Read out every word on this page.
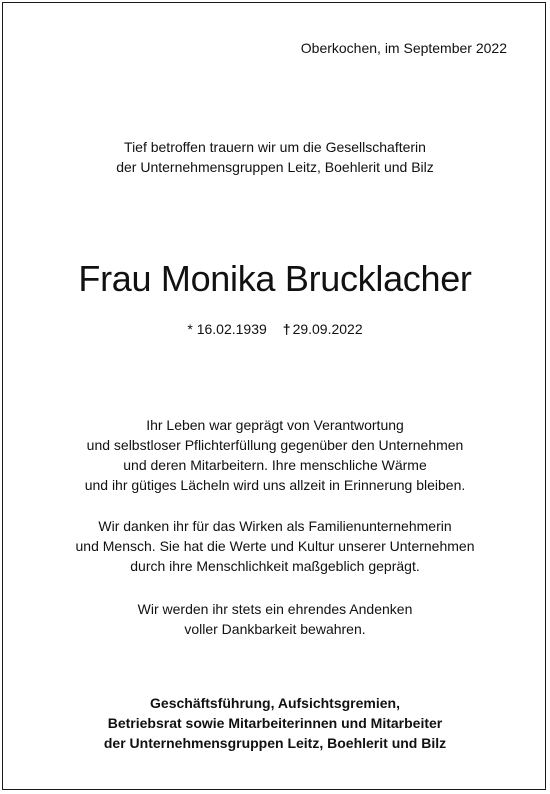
Oberkochen, im September 2022

Tief betroffen trauern wir um die Gesellschafterin
der Unternehmensgruppen Leitz, Boehlerit und Bilz
Frau Monika Brucklacher
* 16.02.1939 † 29.09.2022
Ihr Leben war geprägt von Verantwortung
und selbstloser Pflichterfüllung gegenüber den Unternehmen
und deren Mitarbeitern. Ihre menschliche Wärme
und ihr gütiges Lächeln wird uns allzeit in Erinnerung bleiben.
Wir danken ihr für das Wirken als Familienunternehmerin
und Mensch. Sie hat die Werte und Kultur unserer Unternehmen
durch ihre Menschlichkeit maßgeblich geprägt.
Wir werden ihr stets ein ehrendes Andenken
voller Dankbarkeit bewahren.
Geschäftsführung, Aufsichtsgremien,
Betriebsrat sowie Mitarbeiterinnen und Mitarbeiter
der Unternehmensgruppen Leitz, Boehlerit und Bilz
